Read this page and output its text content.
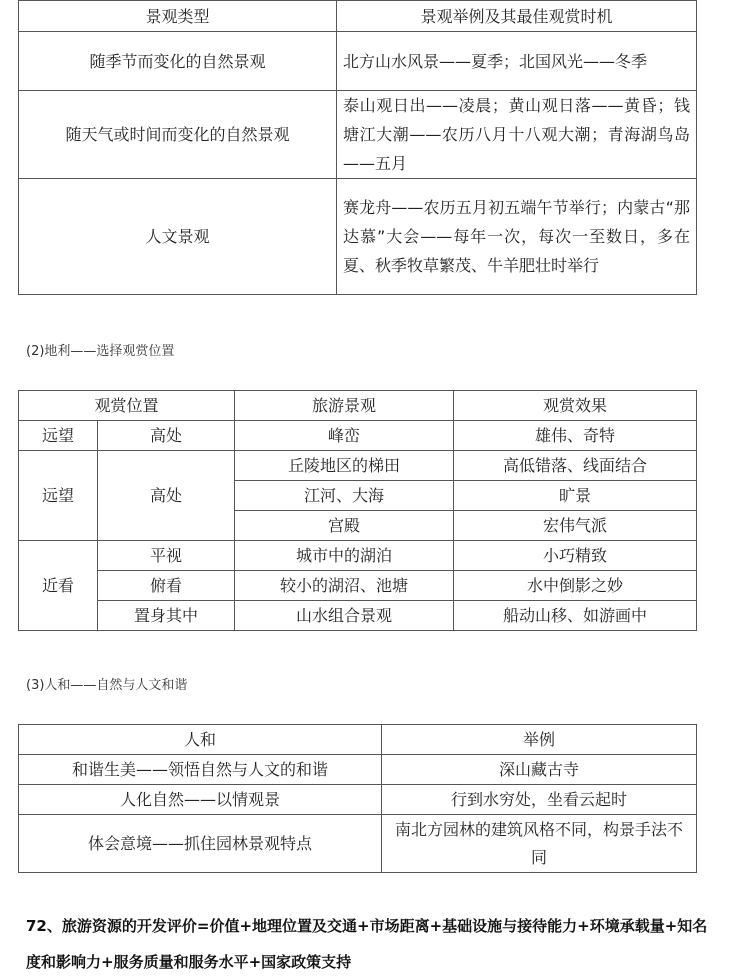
景观类型	景观举例及其最佳观赏时机
随季节而变化的自然景观	北方山水风景——夏季；北国风光——冬季
随天气或时间而变化的自然景观	泰山观日出——凌晨；黄山观日落——黄昏；钱塘江大潮——农历八月十八观大潮；青海湖鸟岛——五月
人文景观	赛龙舟——农历五月初五端午节举行；内蒙古“那达慕”大会——每年一次，每次一至数日，多在夏、秋季牧草繁茂、牛羊肥壮时举行
(2)地利——选择观赏位置
观赏位置		旅游景观	观赏效果
远望	高处	峰峦	雄伟、奇特
远望	高处	丘陵地区的梯田	高低错落、线面结合
		江河、大海	旷景
		宫殿	宏伟气派
近看	平视	城市中的湖泊	小巧精致
	俯看	较小的湖沼、池塘	水中倒影之妙
	置身其中	山水组合景观	船动山移、如游画中
(3)人和——自然与人文和谐
人和	举例
和谐生美——领悟自然与人文的和谐	深山藏古寺
人化自然——以情观景	行到水穷处，坐看云起时
体会意境——抓住园林景观特点	南北方园林的建筑风格不同，构景手法不同
72、旅游资源的开发评价=价值+地理位置及交通+市场距离+基础设施与接待能力+环境承载量+知名度和影响力+服务质量和服务水平+国家政策支持
